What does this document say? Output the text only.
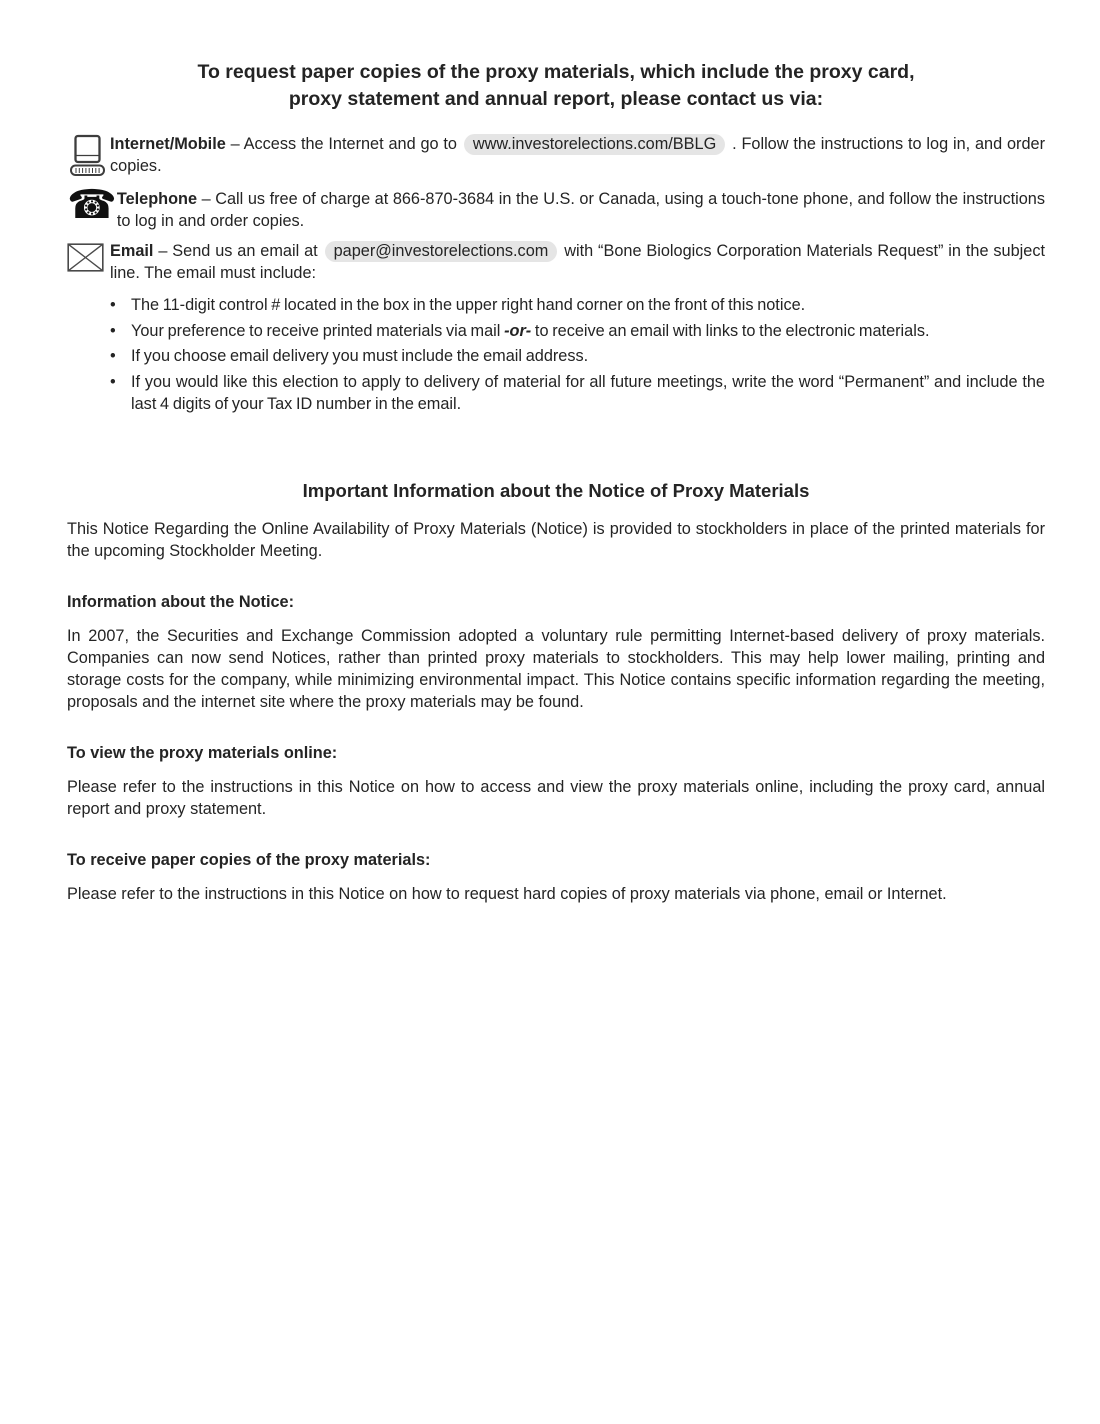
To request paper copies of the proxy materials, which include the proxy card,
proxy statement and annual report, please contact us via:
Internet/Mobile – Access the Internet and go to www.investorelections.com/BBLG . Follow the instructions to log in, and order copies.
☎ Telephone – Call us free of charge at 866-870-3684 in the U.S. or Canada, using a touch-tone phone, and follow the instructions to log in and order copies.
Email – Send us an email at paper@investorelections.com with “Bone Biologics Corporation Materials Request” in the subject line. The email must include:
• The 11-digit control # located in the box in the upper right hand corner on the front of this notice.
• Your preference to receive printed materials via mail -or- to receive an email with links to the electronic materials.
• If you choose email delivery you must include the email address.
• If you would like this election to apply to delivery of material for all future meetings, write the word “Permanent” and include the last 4 digits of your Tax ID number in the email.
Important Information about the Notice of Proxy Materials

This Notice Regarding the Online Availability of Proxy Materials (Notice) is provided to stockholders in place of the printed materials for the upcoming Stockholder Meeting.

Information about the Notice:

In 2007, the Securities and Exchange Commission adopted a voluntary rule permitting Internet-based delivery of proxy materials. Companies can now send Notices, rather than printed proxy materials to stockholders. This may help lower mailing, printing and storage costs for the company, while minimizing environmental impact. This Notice contains specific information regarding the meeting, proposals and the internet site where the proxy materials may be found.

To view the proxy materials online:

Please refer to the instructions in this Notice on how to access and view the proxy materials online, including the proxy card, annual report and proxy statement.

To receive paper copies of the proxy materials:

Please refer to the instructions in this Notice on how to request hard copies of proxy materials via phone, email or Internet.
